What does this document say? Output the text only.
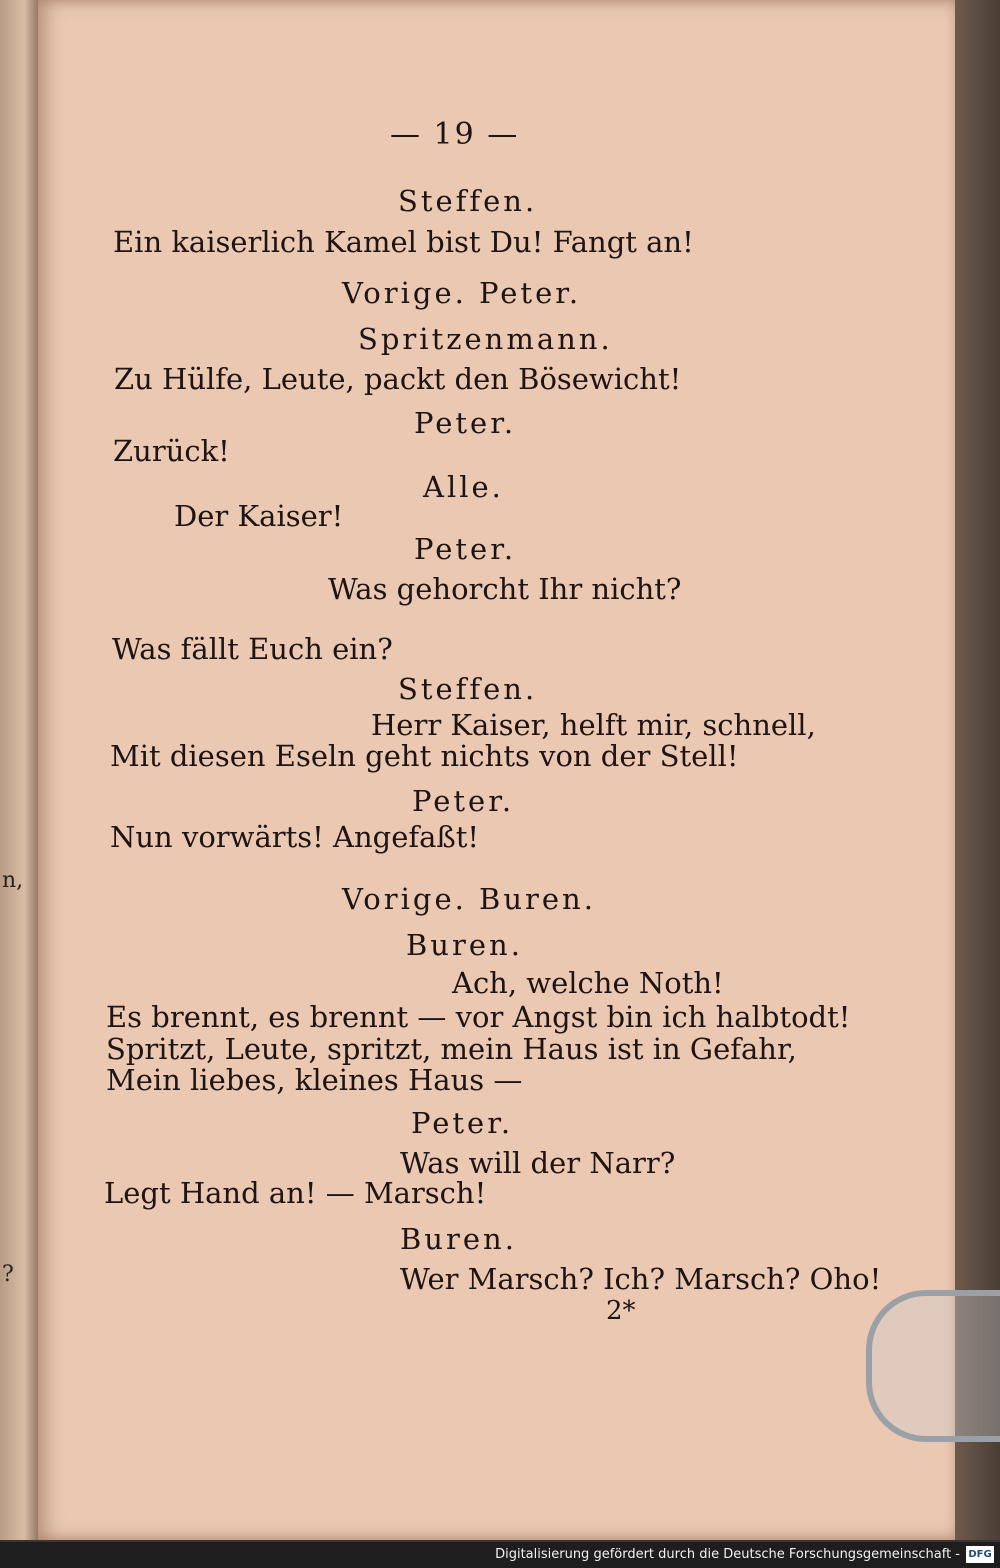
n,
?
— 19 —
Steffen.
Ein kaiserlich Kamel bist Du! Fangt an!
Vorige. Peter.
Spritzenmann.
Zu Hülfe, Leute, packt den Bösewicht!
Peter.
Zurück!
Alle.
Der Kaiser!
Peter.
Was gehorcht Ihr nicht?
Was fällt Euch ein?
Steffen.
Herr Kaiser, helft mir, schnell,
Mit diesen Eseln geht nichts von der Stell!
Peter.
Nun vorwärts! Angefaßt!
Vorige. Buren.
Buren.
Ach, welche Noth!
Es brennt, es brennt — vor Angst bin ich halbtodt!
Spritzt, Leute, spritzt, mein Haus ist in Gefahr,
Mein liebes, kleines Haus —
Peter.
Was will der Narr?
Legt Hand an! — Marsch!
Buren.
Wer Marsch? Ich? Marsch? Oho!
2*
Digitalisierung gefördert durch die Deutsche Forschungsgemeinschaft - DFG
